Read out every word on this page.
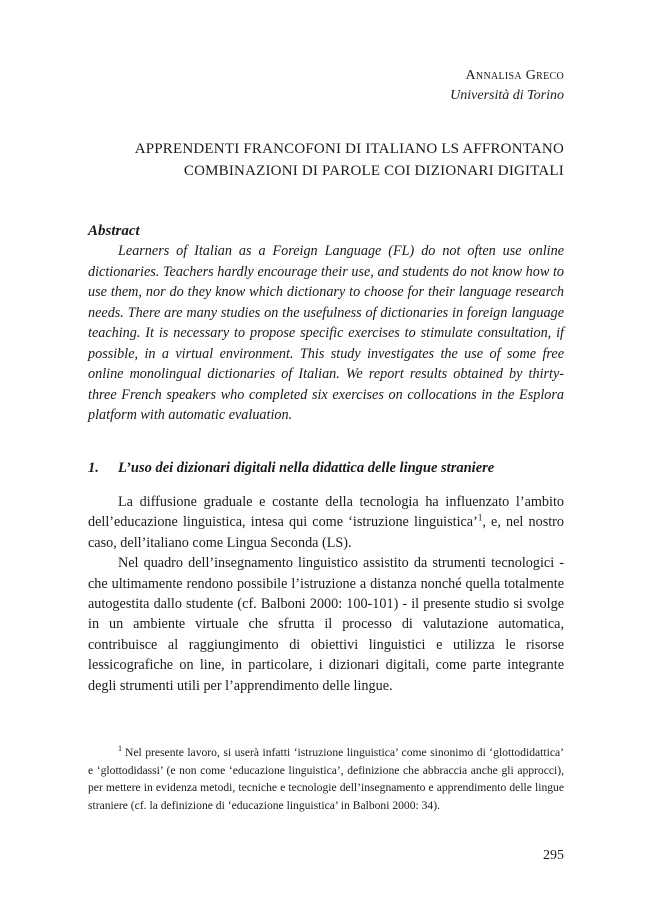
Annalisa Greco
Università di Torino
APPRENDENTI FRANCOFONI DI ITALIANO LS AFFRONTANO
COMBINAZIONI DI PAROLE COI DIZIONARI DIGITALI

Abstract

Learners of Italian as a Foreign Language (FL) do not often use online dictionaries. Teachers hardly encourage their use, and students do not know how to use them, nor do they know which dictionary to choose for their language research needs. There are many studies on the usefulness of dictionaries in foreign language teaching. It is necessary to propose specific exercises to stimulate consultation, if possible, in a virtual environment. This study investigates the use of some free online monolingual dictionaries of Italian. We report results obtained by thirty-three French speakers who completed six exercises on collocations in the Esplora platform with automatic evaluation.

1. L’uso dei dizionari digitali nella didattica delle lingue straniere

La diffusione graduale e costante della tecnologia ha influenzato l’ambito dell’educazione linguistica, intesa qui come ‘istruzione linguistica’$^1$, e, nel nostro caso, dell’italiano come Lingua Seconda (LS).

Nel quadro dell’insegnamento linguistico assistito da strumenti tecnologici - che ultimamente rendono possibile l’istruzione a distanza nonché quella totalmente autogestita dallo studente (cf. Balboni 2000: 100-101) - il presente studio si svolge in un ambiente virtuale che sfrutta il processo di valutazione automatica, contribuisce al raggiungimento di obiettivi linguistici e utilizza le risorse lessicografiche on line, in particolare, i dizionari digitali, come parte integrante degli strumenti utili per l’apprendimento delle lingue.

$^1$ Nel presente lavoro, si userà infatti ‘istruzione linguistica’ come sinonimo di ‘glottodidattica’ e ‘glottodidassi’ (e non come ‘educazione linguistica’, definizione che abbraccia anche gli approcci), per mettere in evidenza metodi, tecniche e tecnologie dell’insegnamento e apprendimento delle lingue straniere (cf. la definizione di ‘educazione linguistica’ in Balboni 2000: 34).

295
